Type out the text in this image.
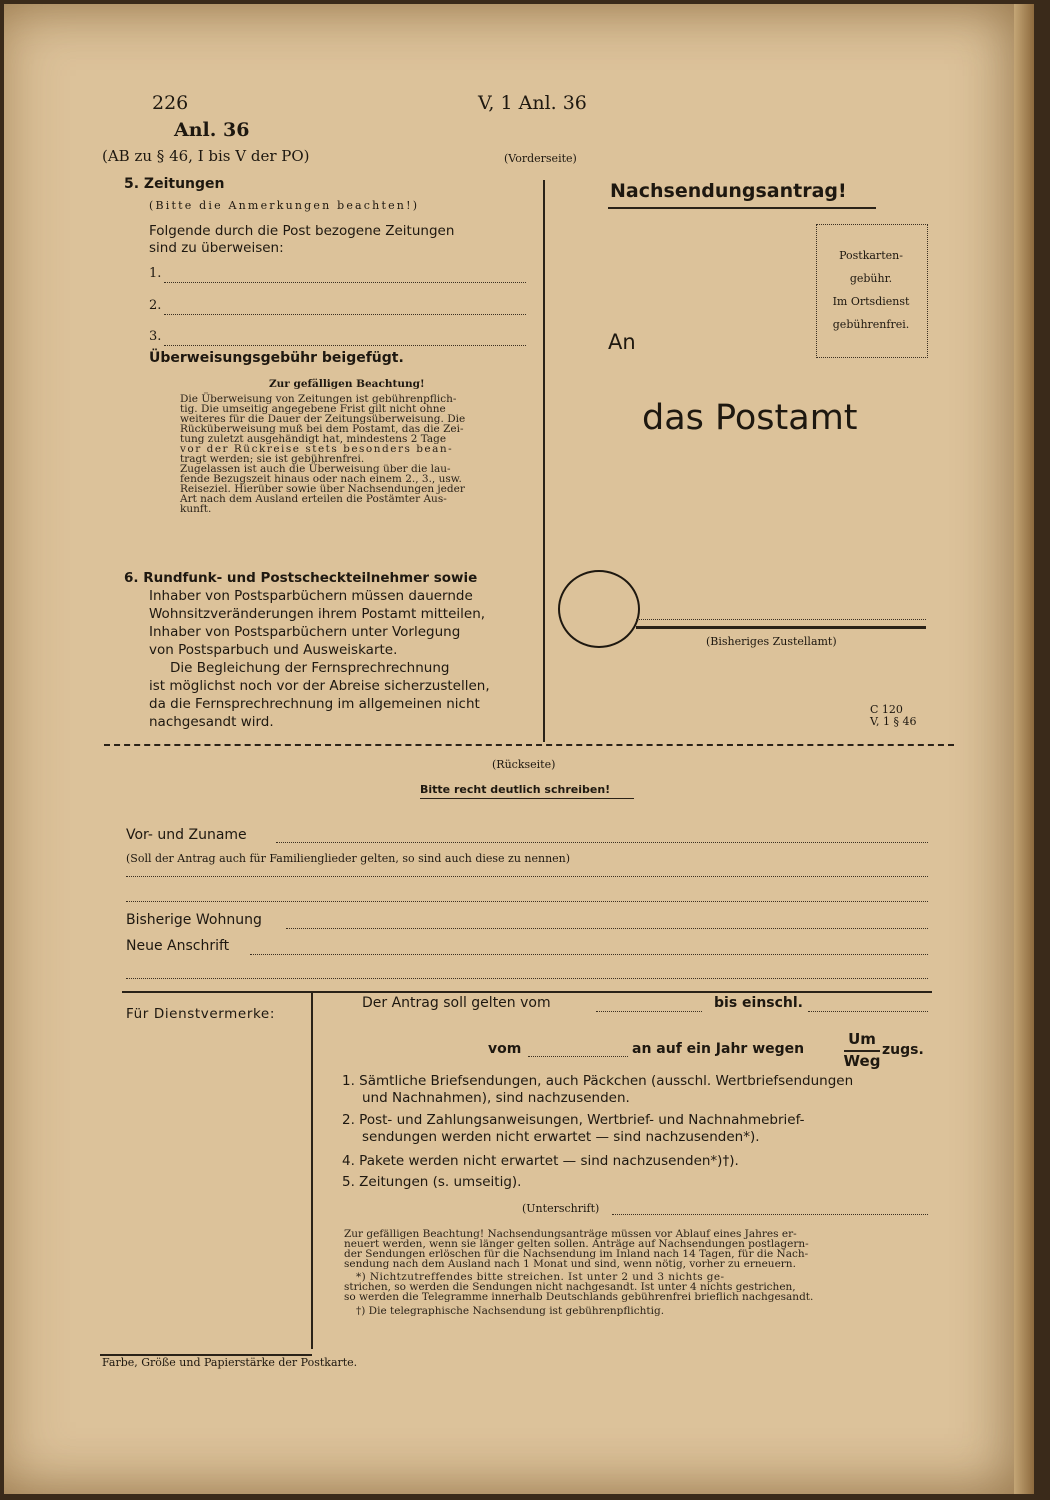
226	V, 1 Anl. 36
Anl. 36
(AB zu § 46, I bis V der PO)	(Vorderseite)
5. Zeitungen
(Bitte die Anmerkungen beachten!)
Folgende durch die Post bezogene Zeitungen
sind zu überweisen:
1.
2.
3.
Überweisungsgebühr beigefügt.
Zur gefälligen Beachtung!
Die Überweisung von Zeitungen ist gebührenpflich-
tig. Die umseitig angegebene Frist gilt nicht ohne
weiteres für die Dauer der Zeitungsüberweisung. Die
Rücküberweisung muß bei dem Postamt, das die Zei-
tung zuletzt ausgehändigt hat, mindestens 2 Tage
vor der Rückreise stets besonders bean-
tragt werden; sie ist gebührenfrei.
Zugelassen ist auch die Überweisung über die lau-
fende Bezugszeit hinaus oder nach einem 2., 3., usw.
Reiseziel. Hierüber sowie über Nachsendungen jeder
Art nach dem Ausland erteilen die Postämter Aus-
kunft.
6. Rundfunk- und Postscheckteilnehmer sowie
Inhaber von Postsparbüchern müssen dauernde
Wohnsitzveränderungen ihrem Postamt mitteilen,
Inhaber von Postsparbüchern unter Vorlegung
von Postsparbuch und Ausweiskarte.
Die Begleichung der Fernsprechrechnung
ist möglichst noch vor der Abreise sicherzustellen,
da die Fernsprechrechnung im allgemeinen nicht
nachgesandt wird.
Nachsendungsantrag!
Postkarten-
gebühr.
Im Ortsdienst
gebührenfrei.
An
das Postamt
(Bisheriges Zustellamt)
C 120
V, 1 § 46
(Rückseite)
Bitte recht deutlich schreiben!
Vor- und Zuname
(Soll der Antrag auch für Familienglieder gelten, so sind auch diese zu nennen)
Bisherige Wohnung
Neue Anschrift
Für Dienstvermerke:
Der Antrag soll gelten vom	bis einschl.
vom	an auf ein Jahr wegen
Um
Weg
zugs.
1. Sämtliche Briefsendungen, auch Päckchen (ausschl. Wertbriefsendungen
und Nachnahmen), sind nachzusenden.
2. Post- und Zahlungsanweisungen, Wertbrief- und Nachnahmebrief-
sendungen werden nicht erwartet — sind nachzusenden*).
4. Pakete werden nicht erwartet — sind nachzusenden*)†).
5. Zeitungen (s. umseitig).
(Unterschrift)
Zur gefälligen Beachtung! Nachsendungsanträge müssen vor Ablauf eines Jahres er-
neuert werden, wenn sie länger gelten sollen. Anträge auf Nachsendungen postlagern-
der Sendungen erlöschen für die Nachsendung im Inland nach 14 Tagen, für die Nach-
sendung nach dem Ausland nach 1 Monat und sind, wenn nötig, vorher zu erneuern.
*) Nichtzutreffendes bitte streichen. Ist unter 2 und 3 nichts ge-
strichen, so werden die Sendungen nicht nachgesandt. Ist unter 4 nichts gestrichen,
so werden die Telegramme innerhalb Deutschlands gebührenfrei brieflich nachgesandt.
†) Die telegraphische Nachsendung ist gebührenpflichtig.
Farbe, Größe und Papierstärke der Postkarte.
